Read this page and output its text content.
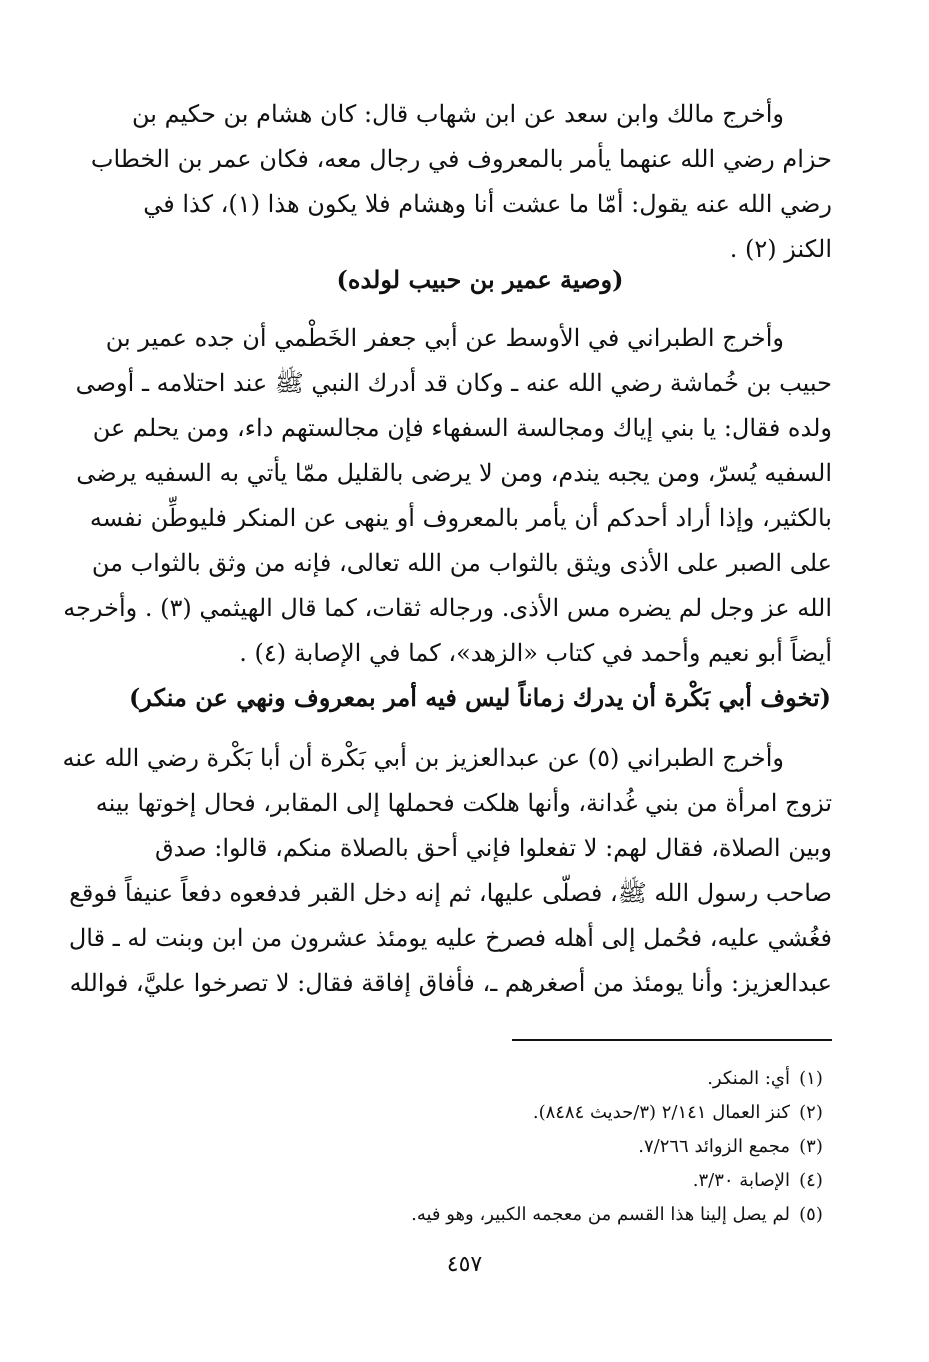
وأخرج مالك وابن سعد عن ابن شهاب قال: كان هشام بن حكيم بن
حزام رضي الله عنهما يأمر بالمعروف في رجال معه، فكان عمر بن الخطاب
رضي الله عنه يقول: أمّا ما عشت أنا وهشام فلا يكون هذا (١)، كذا في
الكنز (٢) .
(وصية عمير بن حبيب لولده)
وأخرج الطبراني في الأوسط عن أبي جعفر الخَطْمي أن جده عمير بن
حبيب بن خُماشة رضي الله عنه ـ وكان قد أدرك النبي ﷺ عند احتلامه ـ أوصى
ولده فقال: يا بني إياك ومجالسة السفهاء فإن مجالستهم داء، ومن يحلم عن
السفيه يُسرّ، ومن يجبه يندم، ومن لا يرضى بالقليل ممّا يأتي به السفيه يرضى
بالكثير، وإذا أراد أحدكم أن يأمر بالمعروف أو ينهى عن المنكر فليوطِّن نفسه
على الصبر على الأذى ويثق بالثواب من الله تعالى، فإنه من وثق بالثواب من
الله عز وجل لم يضره مس الأذى. ورجاله ثقات، كما قال الهيثمي (٣) . وأخرجه
أيضاً أبو نعيم وأحمد في كتاب «الزهد»، كما في الإصابة (٤) .
(تخوف أبي بَكْرة أن يدرك زماناً ليس فيه أمر بمعروف ونهي عن منكر)
وأخرج الطبراني (٥) عن عبدالعزيز بن أبي بَكْرة أن أبا بَكْرة رضي الله عنه
تزوج امرأة من بني غُدانة، وأنها هلكت فحملها إلى المقابر، فحال إخوتها بينه
وبين الصلاة، فقال لهم: لا تفعلوا فإني أحق بالصلاة منكم، قالوا: صدق
صاحب رسول الله ﷺ، فصلّى عليها، ثم إنه دخل القبر فدفعوه دفعاً عنيفاً فوقع
فغُشي عليه، فحُمل إلى أهله فصرخ عليه يومئذ عشرون من ابن وبنت له ـ قال
عبدالعزيز: وأنا يومئذ من أصغرهم ـ، فأفاق إفاقة فقال: لا تصرخوا عليَّ، فوالله
(١)
أي: المنكر.
(٢)
كنز العمال ٢/١٤١ (٣/حديث ٨٤٨٤).
(٣)
مجمع الزوائد ٧/٢٦٦.
(٤)
الإصابة ٣/٣٠.
(٥)
لم يصل إلينا هذا القسم من معجمه الكبير، وهو فيه.
٤٥٧
